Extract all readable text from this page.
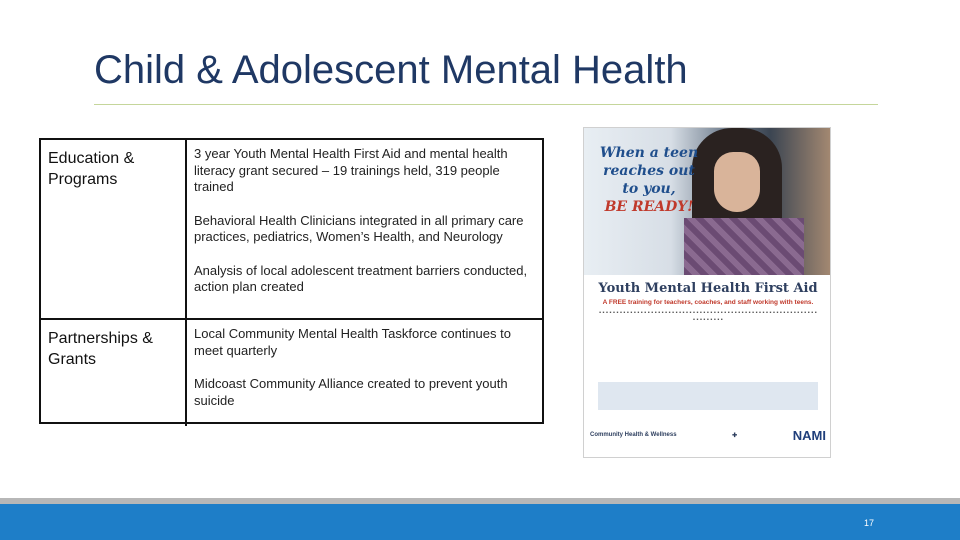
Child & Adolescent Mental Health
Education & Programs
3 year Youth Mental Health First Aid and mental health literacy grant secured – 19 trainings held, 319 people trained
Behavioral Health Clinicians integrated in all primary care practices, pediatrics, Women’s Health, and Neurology
Analysis of local adolescent treatment barriers conducted, action plan created
Partnerships & Grants
Local Community Mental Health Taskforce continues to meet quarterly
Midcoast Community Alliance created to prevent youth suicide
When a teen reaches out to you,
BE READY!
Youth Mental Health First Aid
A FREE training for teachers, coaches, and staff working with teens.
▪ ▪ ▪ ▪ ▪ ▪ ▪ ▪ ▪ ▪ ▪ ▪ ▪ ▪ ▪ ▪ ▪ ▪ ▪ ▪ ▪ ▪ ▪ ▪ ▪ ▪ ▪ ▪ ▪ ▪ ▪ ▪ ▪ ▪ ▪ ▪ ▪ ▪ ▪ ▪ ▪ ▪ ▪ ▪ ▪ ▪ ▪ ▪ ▪ ▪ ▪ ▪ ▪ ▪ ▪ ▪ ▪ ▪ ▪ ▪ ▪ ▪ ▪ ▪ ▪ ▪ ▪ ▪ ▪ ▪ ▪ ▪
Community Health & Wellness	✚	NAMI
17
